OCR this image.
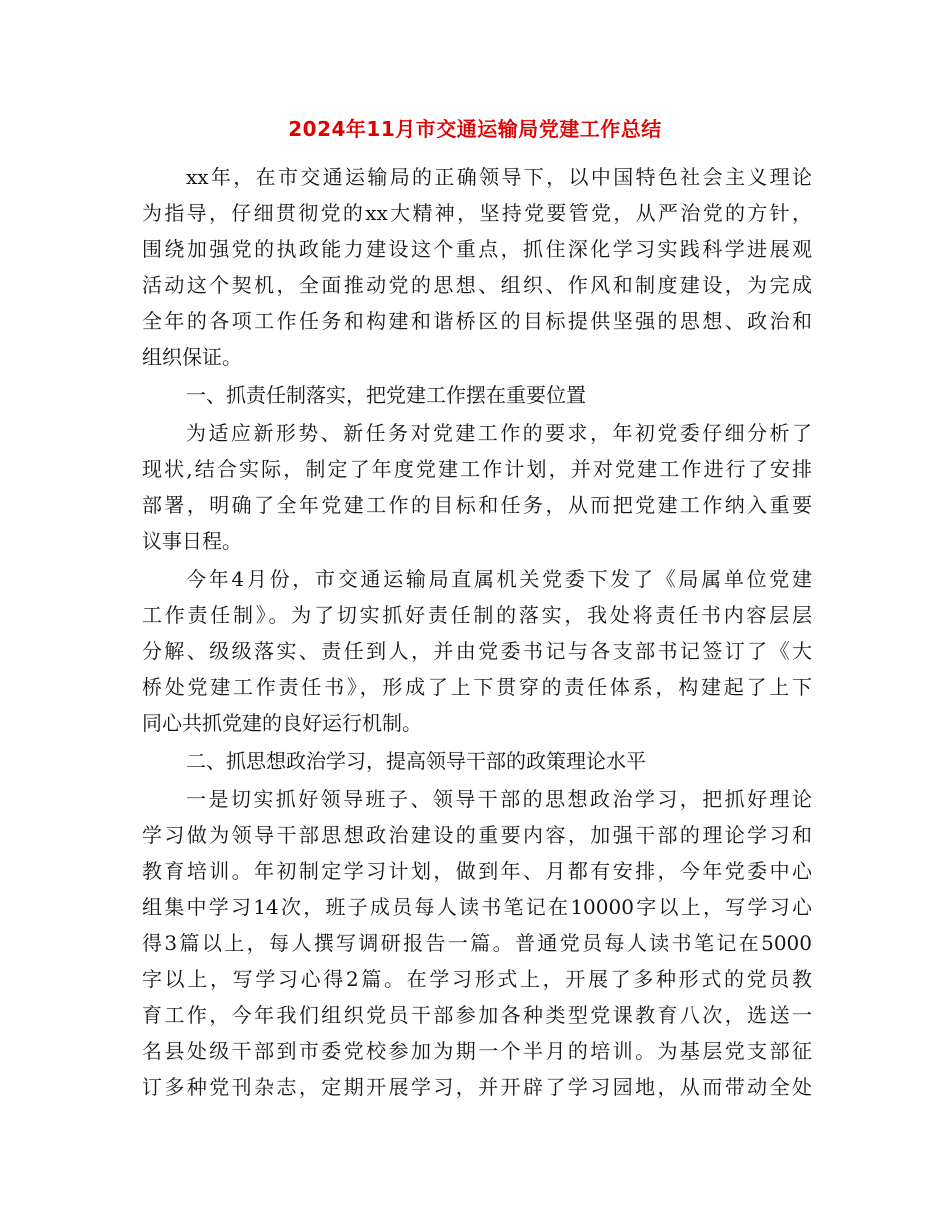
2024年11月市交通运输局党建工作总结
xx年，在市交通运输局的正确领导下，以中国特色社会主义理论
为指导，仔细贯彻党的xx大精神，坚持党要管党，从严治党的方针，
围绕加强党的执政能力建设这个重点，抓住深化学习实践科学进展观
活动这个契机，全面推动党的思想、组织、作风和制度建设，为完成
全年的各项工作任务和构建和谐桥区的目标提供坚强的思想、政治和
组织保证。
一、抓责任制落实，把党建工作摆在重要位置
为适应新形势、新任务对党建工作的要求，年初党委仔细分析了
现状,结合实际，制定了年度党建工作计划，并对党建工作进行了安排
部署，明确了全年党建工作的目标和任务，从而把党建工作纳入重要
议事日程。
今年4月份，市交通运输局直属机关党委下发了《局属单位党建
工作责任制》。为了切实抓好责任制的落实，我处将责任书内容层层
分解、级级落实、责任到人，并由党委书记与各支部书记签订了《大
桥处党建工作责任书》，形成了上下贯穿的责任体系，构建起了上下
同心共抓党建的良好运行机制。
二、抓思想政治学习，提高领导干部的政策理论水平
一是切实抓好领导班子、领导干部的思想政治学习，把抓好理论
学习做为领导干部思想政治建设的重要内容，加强干部的理论学习和
教育培训。年初制定学习计划，做到年、月都有安排，今年党委中心
组集中学习14次，班子成员每人读书笔记在10000字以上，写学习心
得3篇以上，每人撰写调研报告一篇。普通党员每人读书笔记在5000
字以上，写学习心得2篇。在学习形式上，开展了多种形式的党员教
育工作，今年我们组织党员干部参加各种类型党课教育八次，选送一
名县处级干部到市委党校参加为期一个半月的培训。为基层党支部征
订多种党刊杂志，定期开展学习，并开辟了学习园地，从而带动全处
